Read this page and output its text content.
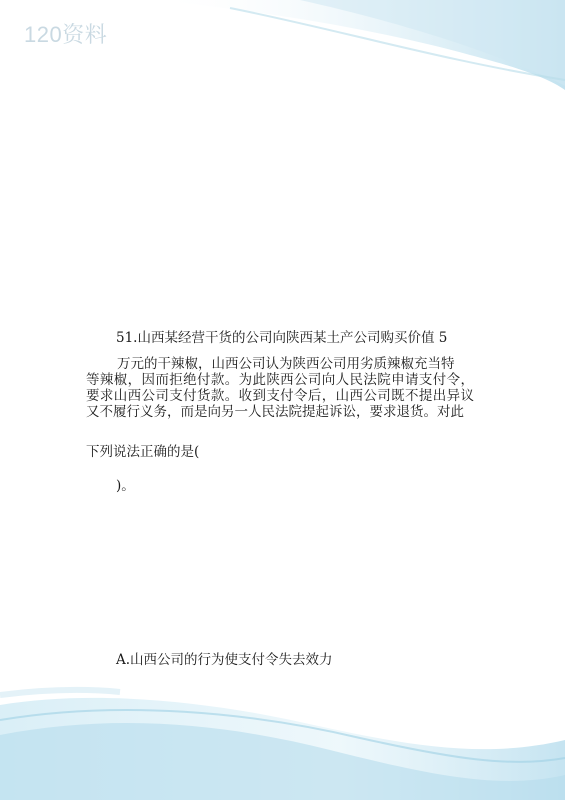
120资料
51.山西某经营干货的公司向陕西某土产公司购买价值 5
万元的干辣椒，山西公司认为陕西公司用劣质辣椒充当特
等辣椒，因而拒绝付款。为此陕西公司向人民法院申请支付令，要求山西公司支付货款。收到支付令后，山西公司既不提出异议又不履行义务，而是向另一人民法院提起诉讼，要求退货。对此
下列说法正确的是(
)。
A.山西公司的行为使支付令失去效力
